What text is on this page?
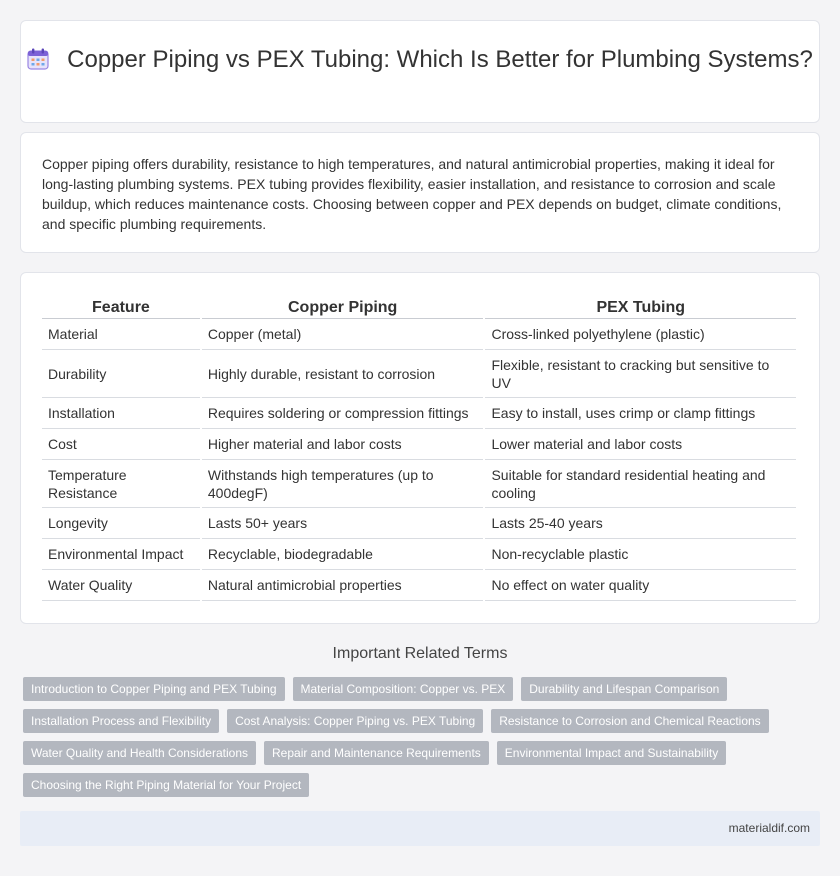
Copper Piping vs PEX Tubing: Which Is Better for Plumbing Systems?

Copper piping offers durability, resistance to high temperatures, and natural antimicrobial properties, making it ideal for long-lasting plumbing systems. PEX tubing provides flexibility, easier installation, and resistance to corrosion and scale buildup, which reduces maintenance costs. Choosing between copper and PEX depends on budget, climate conditions, and specific plumbing requirements.

Feature	Copper Piping	PEX Tubing
Material	Copper (metal)	Cross-linked polyethylene (plastic)
Durability	Highly durable, resistant to corrosion	Flexible, resistant to cracking but sensitive to UV
Installation	Requires soldering or compression fittings	Easy to install, uses crimp or clamp fittings
Cost	Higher material and labor costs	Lower material and labor costs
Temperature Resistance	Withstands high temperatures (up to 400degF)	Suitable for standard residential heating and cooling
Longevity	Lasts 50+ years	Lasts 25-40 years
Environmental Impact	Recyclable, biodegradable	Non-recyclable plastic
Water Quality	Natural antimicrobial properties	No effect on water quality
Important Related Terms
Introduction to Copper Piping and PEX Tubing	Material Composition: Copper vs. PEX	Durability and Lifespan Comparison
Installation Process and Flexibility	Cost Analysis: Copper Piping vs. PEX Tubing	Resistance to Corrosion and Chemical Reactions
Water Quality and Health Considerations	Repair and Maintenance Requirements	Environmental Impact and Sustainability
Choosing the Right Piping Material for Your Project
materialdif.com
